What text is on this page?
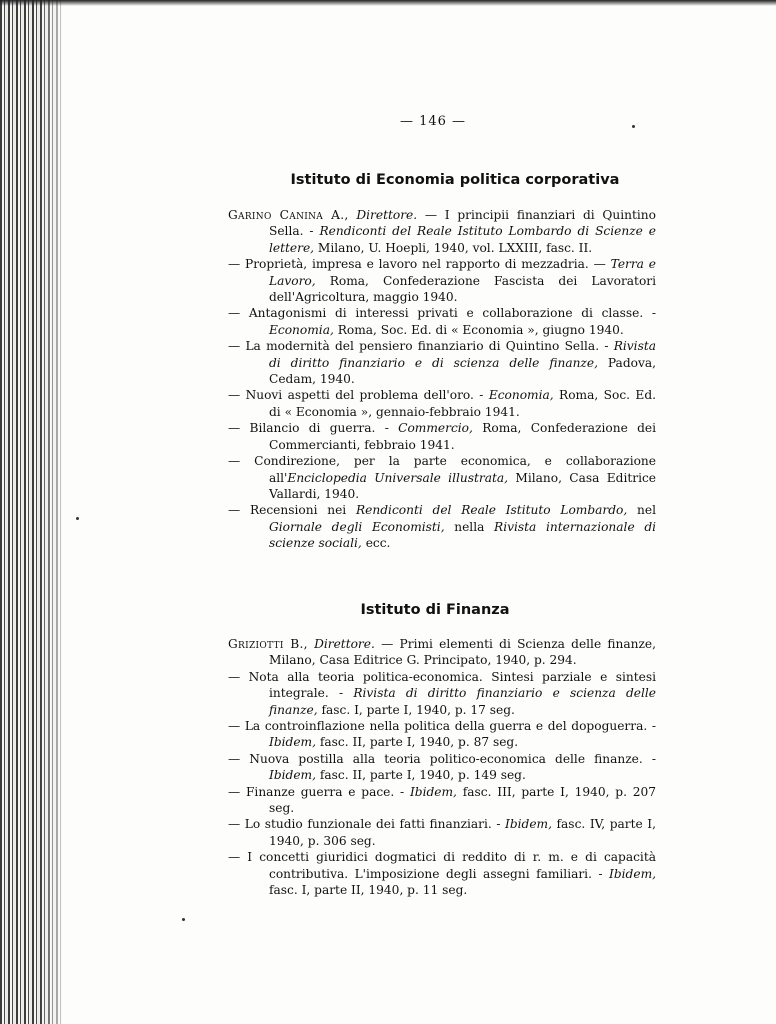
— 146 —
Istituto di Economia politica corporativa

Garino Canina A., Direttore. — I principii finanziari di Quintino Sella. - Rendiconti del Reale Istituto Lombardo di Scienze e lettere, Milano, U. Hoepli, 1940, vol. LXXIII, fasc. II.

— Proprietà, impresa e lavoro nel rapporto di mezzadria. — Terra e Lavoro, Roma, Confederazione Fascista dei Lavoratori dell'Agricoltura, maggio 1940.

— Antagonismi di interessi privati e collaborazione di classe. - Economia, Roma, Soc. Ed. di « Economia », giugno 1940.

— La modernità del pensiero finanziario di Quintino Sella. - Rivista di diritto finanziario e di scienza delle finanze, Padova, Cedam, 1940.

— Nuovi aspetti del problema dell'oro. - Economia, Roma, Soc. Ed. di « Economia », gennaio-febbraio 1941.

— Bilancio di guerra. - Commercio, Roma, Confederazione dei Commercianti, febbraio 1941.

— Condirezione, per la parte economica, e collaborazione all'Enciclopedia Universale illustrata, Milano, Casa Editrice Vallardi, 1940.

— Recensioni nei Rendiconti del Reale Istituto Lombardo, nel Giornale degli Economisti, nella Rivista internazionale di scienze sociali, ecc.

Istituto di Finanza

Griziotti B., Direttore. — Primi elementi di Scienza delle finanze, Milano, Casa Editrice G. Principato, 1940, p. 294.

— Nota alla teoria politica-economica. Sintesi parziale e sintesi integrale. - Rivista di diritto finanziario e scienza delle finanze, fasc. I, parte I, 1940, p. 17 seg.

— La controinflazione nella politica della guerra e del dopoguerra. - Ibidem, fasc. II, parte I, 1940, p. 87 seg.

— Nuova postilla alla teoria politico-economica delle finanze. - Ibidem, fasc. II, parte I, 1940, p. 149 seg.

— Finanze guerra e pace. - Ibidem, fasc. III, parte I, 1940, p. 207 seg.

— Lo studio funzionale dei fatti finanziari. - Ibidem, fasc. IV, parte I, 1940, p. 306 seg.

— I concetti giuridici dogmatici di reddito di r. m. e di capacità contributiva. L'imposizione degli assegni familiari. - Ibidem, fasc. I, parte II, 1940, p. 11 seg.
